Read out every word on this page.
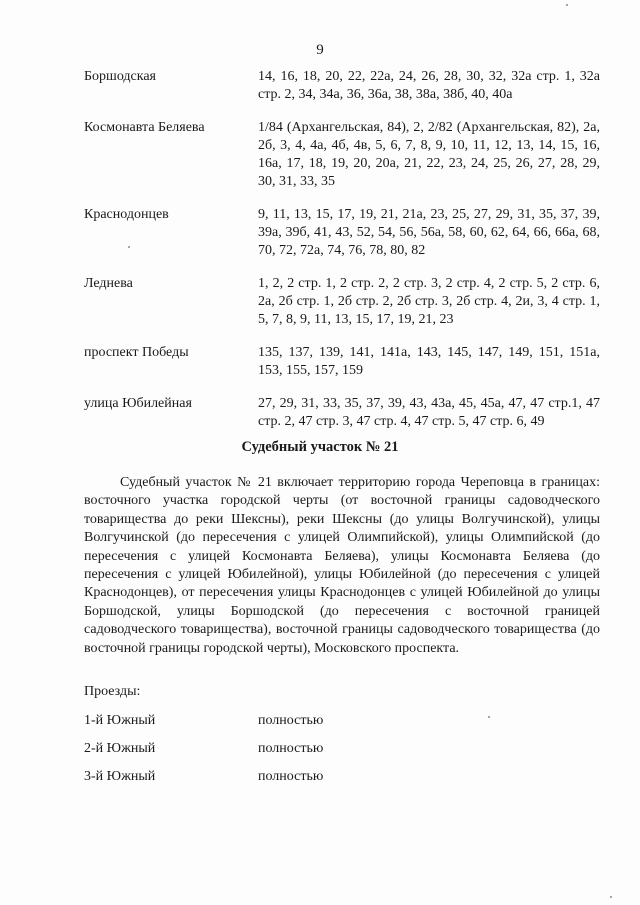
9
Боршодская	14, 16, 18, 20, 22, 22а, 24, 26, 28, 30, 32, 32а стр. 1, 32а стр. 2, 34, 34а, 36, 36а, 38, 38а, 38б, 40, 40а
Космонавта Беляева	1/84 (Архангельская, 84), 2, 2/82 (Архангельская, 82), 2а, 2б, 3, 4, 4а, 4б, 4в, 5, 6, 7, 8, 9, 10, 11, 12, 13, 14, 15, 16, 16а, 17, 18, 19, 20, 20а, 21, 22, 23, 24, 25, 26, 27, 28, 29, 30, 31, 33, 35
Краснодонцев	9, 11, 13, 15, 17, 19, 21, 21а, 23, 25, 27, 29, 31, 35, 37, 39, 39а, 39б, 41, 43, 52, 54, 56, 56а, 58, 60, 62, 64, 66, 66а, 68, 70, 72, 72а, 74, 76, 78, 80, 82
Леднева	1, 2, 2 стр. 1, 2 стр. 2, 2 стр. 3, 2 стр. 4, 2 стр. 5, 2 стр. 6, 2а, 2б стр. 1, 2б стр. 2, 2б стр. 3, 2б стр. 4, 2и, 3, 4 стр. 1, 5, 7, 8, 9, 11, 13, 15, 17, 19, 21, 23
проспект Победы	135, 137, 139, 141, 141а, 143, 145, 147, 149, 151, 151а, 153, 155, 157, 159
улица Юбилейная	27, 29, 31, 33, 35, 37, 39, 43, 43а, 45, 45а, 47, 47 стр.1, 47 стр. 2, 47 стр. 3, 47 стр. 4, 47 стр. 5, 47 стр. 6, 49
Судебный участок № 21

Судебный участок № 21 включает территорию города Череповца в границах: восточного участка городской черты (от восточной границы садоводческого товарищества до реки Шексны), реки Шексны (до улицы Волгучинской), улицы Волгучинской (до пересечения с улицей Олимпийской), улицы Олимпийской (до пересечения с улицей Космонавта Беляева), улицы Космонавта Беляева (до пересечения с улицей Юбилейной), улицы Юбилейной (до пересечения с улицей Краснодонцев), от пересечения улицы Краснодонцев с улицей Юбилейной до улицы Боршодской, улицы Боршодской (до пересечения с восточной границей садоводческого товарищества), восточной границы садоводческого товарищества (до восточной границы городской черты), Московского проспекта.

Проезды:
1-й Южный	полностью
2-й Южный	полностью
3-й Южный	полностью
